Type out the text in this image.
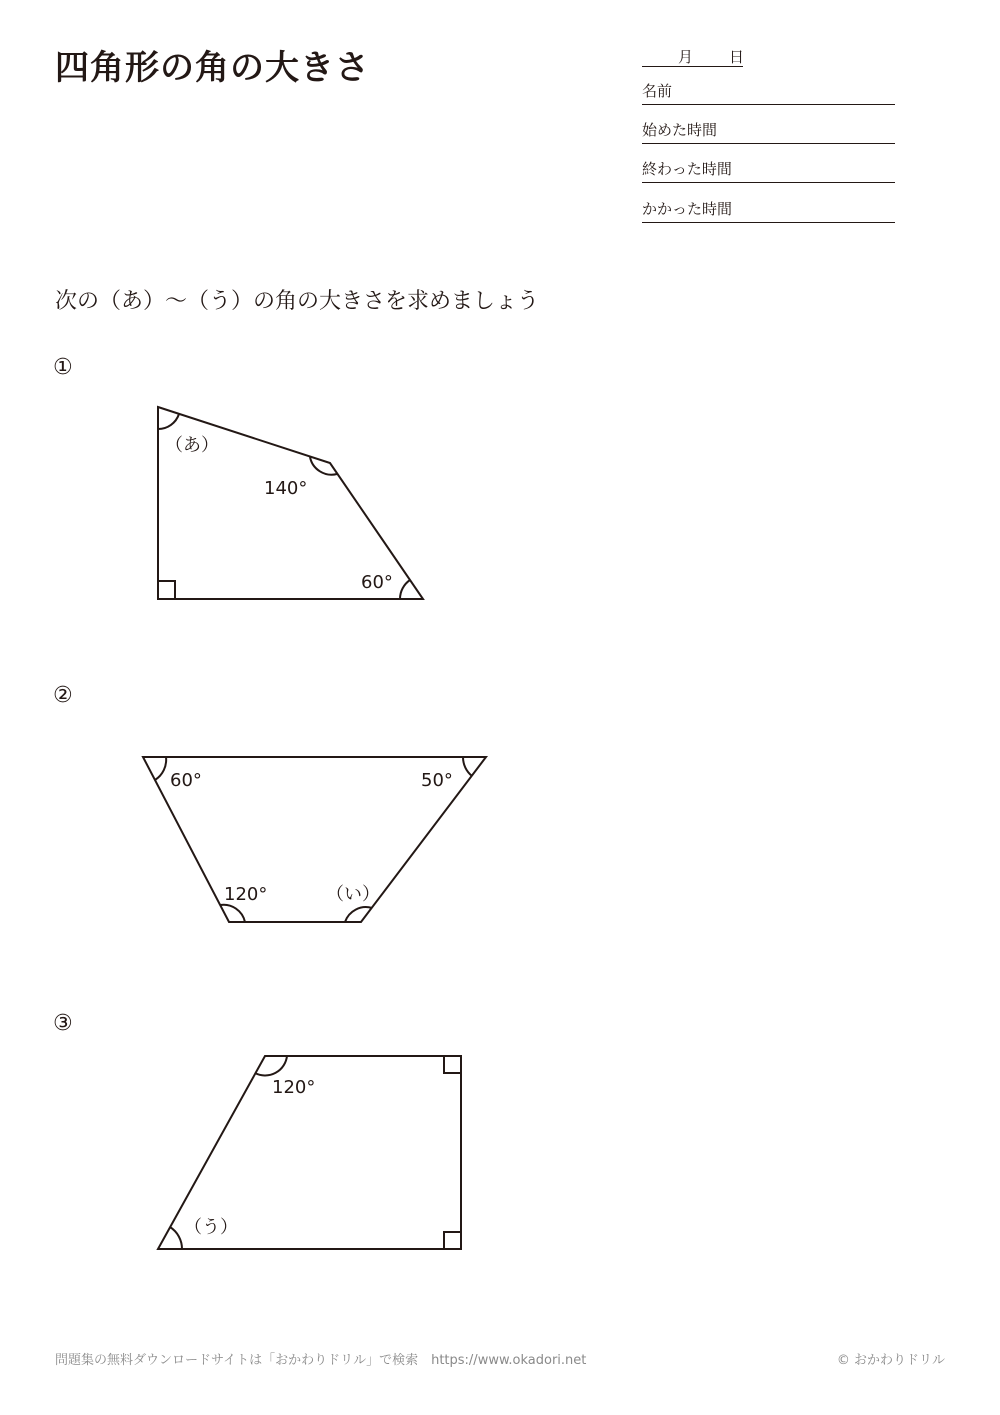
四角形の角の大きさ	月 日
名前
始めた時間
終わった時間
かかった時間
次の（あ）～（う）の角の大きさを求めましょう
①
②
③
（あ）
140°
60°
60°	50°
120°	（い）
120°
（う）
問題集の無料ダウンロードサイトは「おかわりドリル」で検索　https://www.okadori.net	© おかわりドリル
